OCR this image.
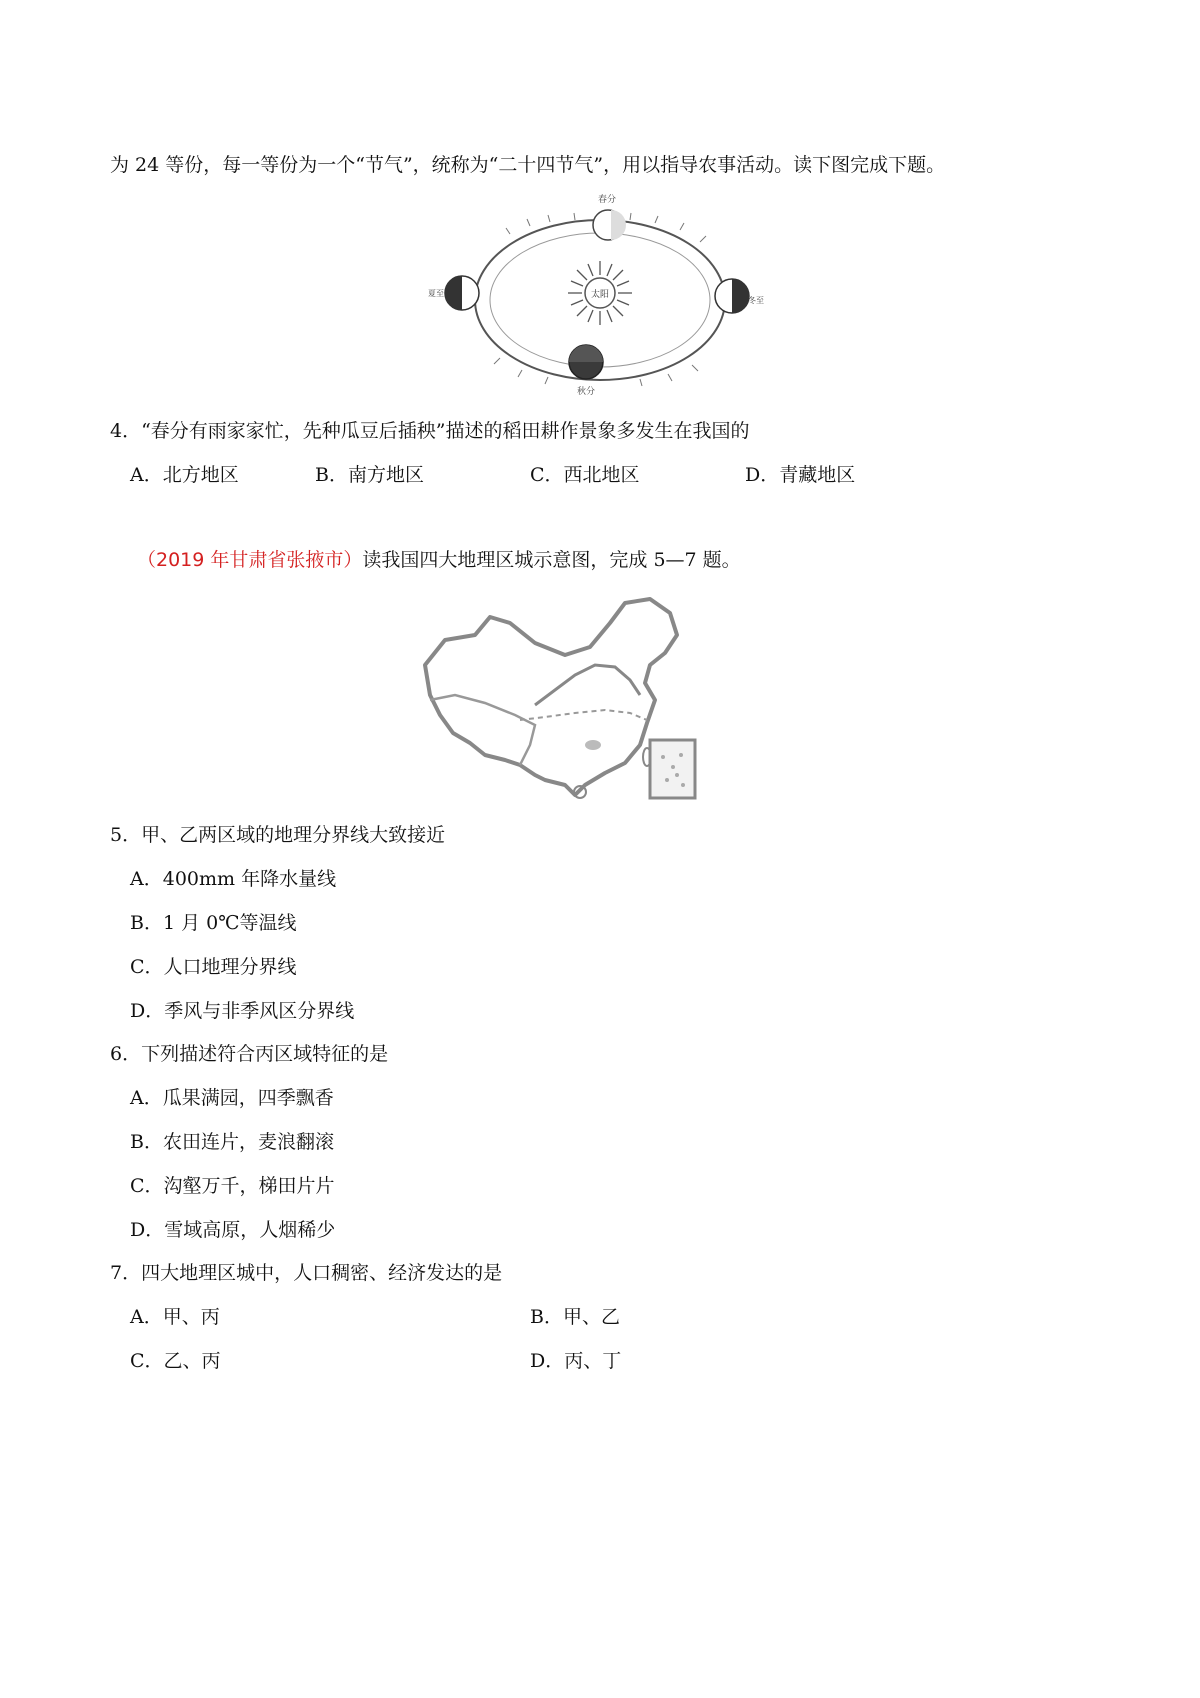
为 24 等份，每一等份为一个“节气”，统称为“二十四节气”，用以指导农事活动。读下图完成下题。
太阳
春分
秋分
夏至
冬至
4．“春分有雨家家忙，先种瓜豆后插秧”描述的稻田耕作景象多发生在我国的
A．北方地区	B．南方地区	C．西北地区	D．青藏地区
（2019 年甘肃省张掖市）读我国四大地理区城示意图，完成 5—7 题。
5．甲、乙两区域的地理分界线大致接近
A．400mm 年降水量线
B．1 月 0℃等温线
C．人口地理分界线
D．季风与非季风区分界线
6．下列描述符合丙区域特征的是
A．瓜果满园，四季飘香
B．农田连片，麦浪翻滚
C．沟壑万千，梯田片片
D．雪域高原，人烟稀少
7．四大地理区城中，人口稠密、经济发达的是
A．甲、丙	B．甲、乙
C．乙、丙	D．丙、丁
